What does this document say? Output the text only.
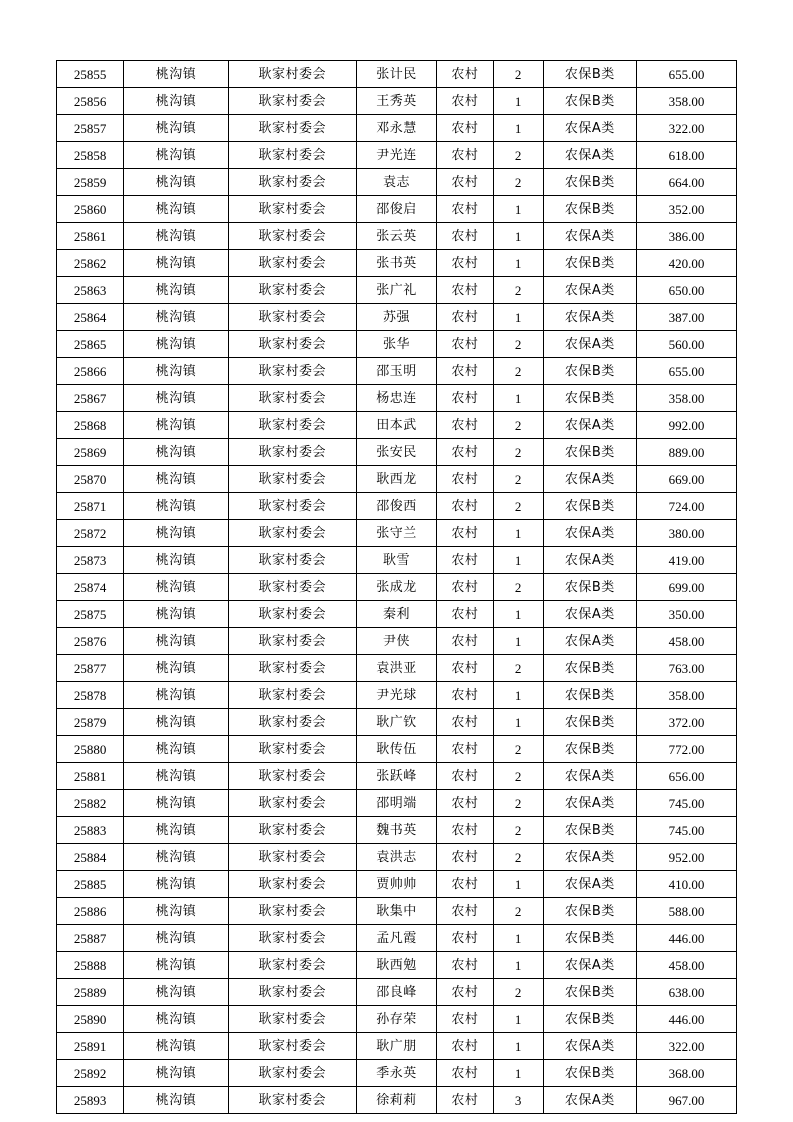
25855	桃沟镇	耿家村委会	张计民	农村	2	农保B类	655.00
25856	桃沟镇	耿家村委会	王秀英	农村	1	农保B类	358.00
25857	桃沟镇	耿家村委会	邓永慧	农村	1	农保A类	322.00
25858	桃沟镇	耿家村委会	尹光连	农村	2	农保A类	618.00
25859	桃沟镇	耿家村委会	袁志	农村	2	农保B类	664.00
25860	桃沟镇	耿家村委会	邵俊启	农村	1	农保B类	352.00
25861	桃沟镇	耿家村委会	张云英	农村	1	农保A类	386.00
25862	桃沟镇	耿家村委会	张书英	农村	1	农保B类	420.00
25863	桃沟镇	耿家村委会	张广礼	农村	2	农保A类	650.00
25864	桃沟镇	耿家村委会	苏强	农村	1	农保A类	387.00
25865	桃沟镇	耿家村委会	张华	农村	2	农保A类	560.00
25866	桃沟镇	耿家村委会	邵玉明	农村	2	农保B类	655.00
25867	桃沟镇	耿家村委会	杨忠连	农村	1	农保B类	358.00
25868	桃沟镇	耿家村委会	田本武	农村	2	农保A类	992.00
25869	桃沟镇	耿家村委会	张安民	农村	2	农保B类	889.00
25870	桃沟镇	耿家村委会	耿西龙	农村	2	农保A类	669.00
25871	桃沟镇	耿家村委会	邵俊西	农村	2	农保B类	724.00
25872	桃沟镇	耿家村委会	张守兰	农村	1	农保A类	380.00
25873	桃沟镇	耿家村委会	耿雪	农村	1	农保A类	419.00
25874	桃沟镇	耿家村委会	张成龙	农村	2	农保B类	699.00
25875	桃沟镇	耿家村委会	秦利	农村	1	农保A类	350.00
25876	桃沟镇	耿家村委会	尹侠	农村	1	农保A类	458.00
25877	桃沟镇	耿家村委会	袁洪亚	农村	2	农保B类	763.00
25878	桃沟镇	耿家村委会	尹光球	农村	1	农保B类	358.00
25879	桃沟镇	耿家村委会	耿广钦	农村	1	农保B类	372.00
25880	桃沟镇	耿家村委会	耿传伍	农村	2	农保B类	772.00
25881	桃沟镇	耿家村委会	张跃峰	农村	2	农保A类	656.00
25882	桃沟镇	耿家村委会	邵明端	农村	2	农保A类	745.00
25883	桃沟镇	耿家村委会	魏书英	农村	2	农保B类	745.00
25884	桃沟镇	耿家村委会	袁洪志	农村	2	农保A类	952.00
25885	桃沟镇	耿家村委会	贾帅帅	农村	1	农保A类	410.00
25886	桃沟镇	耿家村委会	耿集中	农村	2	农保B类	588.00
25887	桃沟镇	耿家村委会	孟凡霞	农村	1	农保B类	446.00
25888	桃沟镇	耿家村委会	耿西勉	农村	1	农保A类	458.00
25889	桃沟镇	耿家村委会	邵良峰	农村	2	农保B类	638.00
25890	桃沟镇	耿家村委会	孙存荣	农村	1	农保B类	446.00
25891	桃沟镇	耿家村委会	耿广朋	农村	1	农保A类	322.00
25892	桃沟镇	耿家村委会	季永英	农村	1	农保B类	368.00
25893	桃沟镇	耿家村委会	徐莉莉	农村	3	农保A类	967.00
